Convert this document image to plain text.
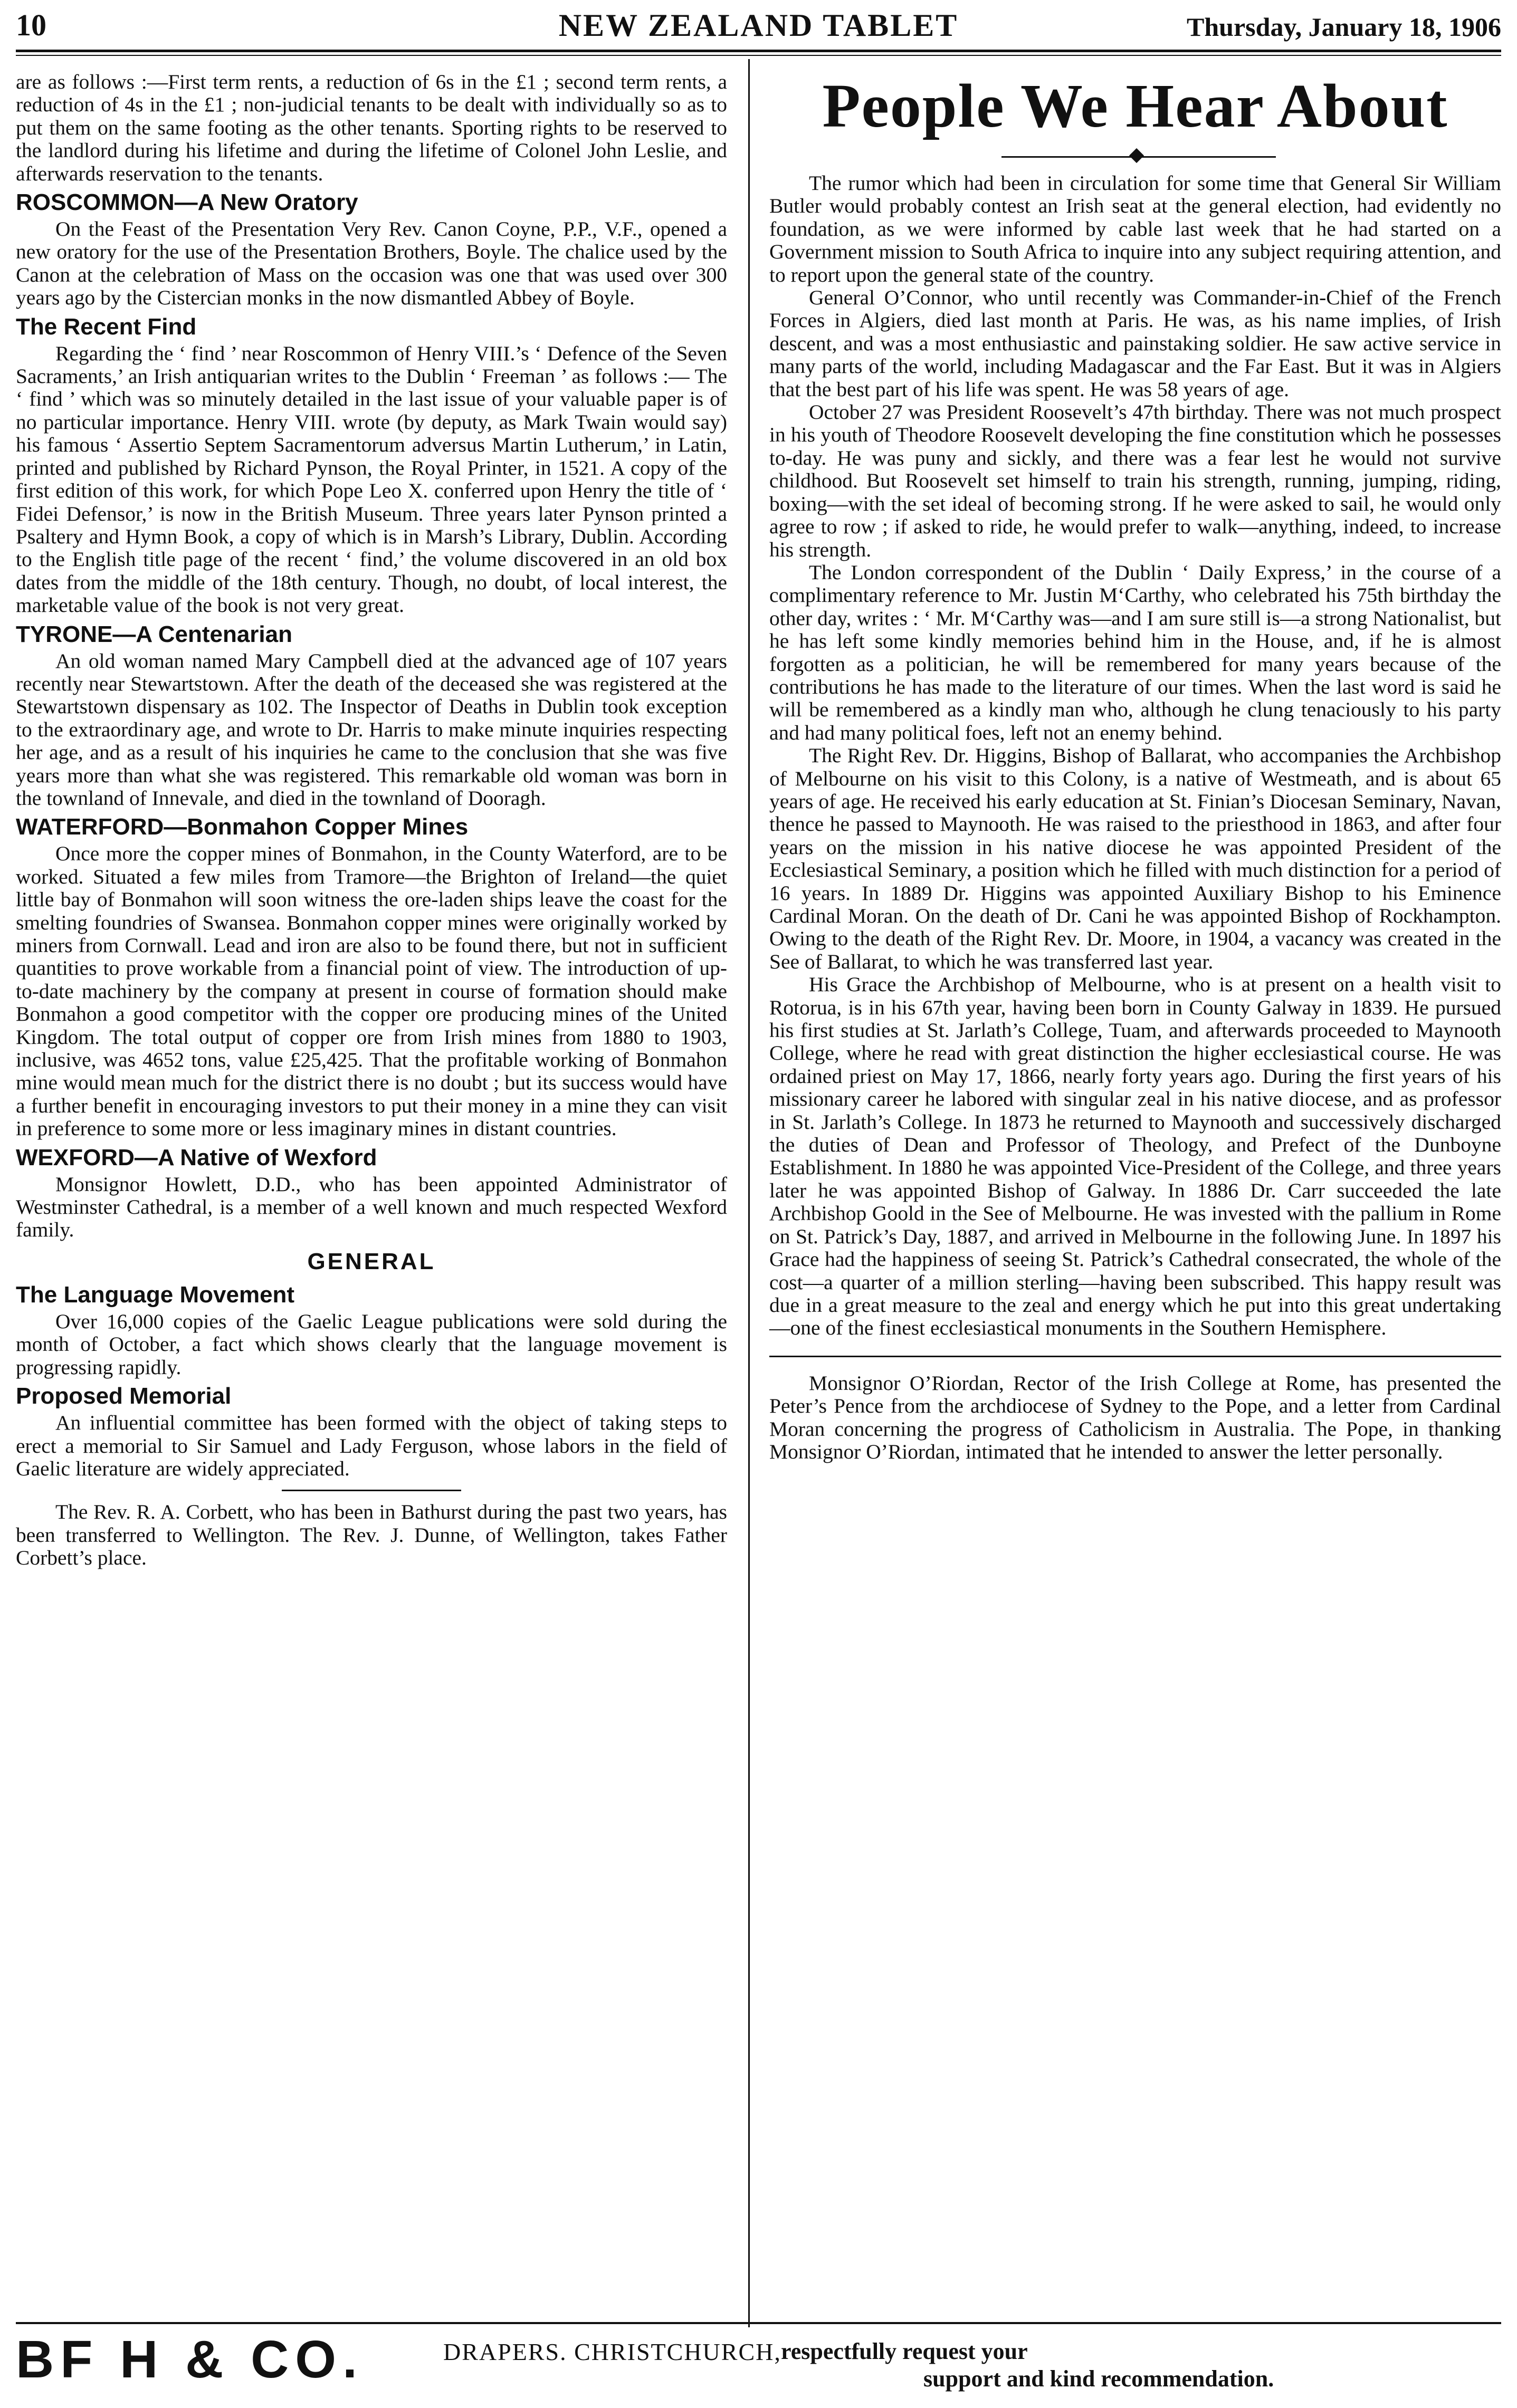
10	NEW ZEALAND TABLET	Thursday, January 18, 1906

are as follows :—First term rents, a reduction of 6s in the £1 ; second term rents, a reduction of 4s in the £1 ; non-judicial tenants to be dealt with individually so as to put them on the same footing as the other tenants. Sporting rights to be reserved to the landlord during his lifetime and during the lifetime of Colonel John Leslie, and afterwards reservation to the tenants.

ROSCOMMON—A New Oratory

On the Feast of the Presentation Very Rev. Canon Coyne, P.P., V.F., opened a new oratory for the use of the Presentation Brothers, Boyle. The chalice used by the Canon at the celebration of Mass on the occasion was one that was used over 300 years ago by the Cistercian monks in the now dismantled Abbey of Boyle.

The Recent Find

Regarding the ‘ find ’ near Roscommon of Henry VIII.’s ‘ Defence of the Seven Sacraments,’ an Irish antiquarian writes to the Dublin ‘ Freeman ’ as follows :— The ‘ find ’ which was so minutely detailed in the last issue of your valuable paper is of no particular importance. Henry VIII. wrote (by deputy, as Mark Twain would say) his famous ‘ Assertio Septem Sacramentorum adversus Martin Lutherum,’ in Latin, printed and published by Richard Pynson, the Royal Printer, in 1521. A copy of the first edition of this work, for which Pope Leo X. conferred upon Henry the title of ‘ Fidei Defensor,’ is now in the British Museum. Three years later Pynson printed a Psaltery and Hymn Book, a copy of which is in Marsh’s Library, Dublin. According to the English title page of the recent ‘ find,’ the volume discovered in an old box dates from the middle of the 18th century. Though, no doubt, of local interest, the marketable value of the book is not very great.

TYRONE—A Centenarian

An old woman named Mary Campbell died at the advanced age of 107 years recently near Stewartstown. After the death of the deceased she was registered at the Stewartstown dispensary as 102. The Inspector of Deaths in Dublin took exception to the extraordinary age, and wrote to Dr. Harris to make minute inquiries respecting her age, and as a result of his inquiries he came to the conclusion that she was five years more than what she was registered. This remarkable old woman was born in the townland of Innevale, and died in the townland of Dooragh.

WATERFORD—Bonmahon Copper Mines

Once more the copper mines of Bonmahon, in the County Waterford, are to be worked. Situated a few miles from Tramore—the Brighton of Ireland—the quiet little bay of Bonmahon will soon witness the ore-laden ships leave the coast for the smelting foundries of Swansea. Bonmahon copper mines were originally worked by miners from Cornwall. Lead and iron are also to be found there, but not in sufficient quantities to prove workable from a financial point of view. The introduction of up-to-date machinery by the company at present in course of formation should make Bonmahon a good competitor with the copper ore producing mines of the United Kingdom. The total output of copper ore from Irish mines from 1880 to 1903, inclusive, was 4652 tons, value £25,425. That the profitable working of Bonmahon mine would mean much for the district there is no doubt ; but its success would have a further benefit in encouraging investors to put their money in a mine they can visit in preference to some more or less imaginary mines in distant countries.

WEXFORD—A Native of Wexford

Monsignor Howlett, D.D., who has been appointed Administrator of Westminster Cathedral, is a member of a well known and much respected Wexford family.

GENERAL
The Language Movement

Over 16,000 copies of the Gaelic League publications were sold during the month of October, a fact which shows clearly that the language movement is progressing rapidly.

Proposed Memorial

An influential committee has been formed with the object of taking steps to erect a memorial to Sir Samuel and Lady Ferguson, whose labors in the field of Gaelic literature are widely appreciated.

The Rev. R. A. Corbett, who has been in Bathurst during the past two years, has been transferred to Wellington. The Rev. J. Dunne, of Wellington, takes Father Corbett’s place.

People We Hear About

The rumor which had been in circulation for some time that General Sir William Butler would probably contest an Irish seat at the general election, had evidently no foundation, as we were informed by cable last week that he had started on a Government mission to South Africa to inquire into any subject requiring attention, and to report upon the general state of the country.

General O’Connor, who until recently was Commander-in-Chief of the French Forces in Algiers, died last month at Paris. He was, as his name implies, of Irish descent, and was a most enthusiastic and painstaking soldier. He saw active service in many parts of the world, including Madagascar and the Far East. But it was in Algiers that the best part of his life was spent. He was 58 years of age.

October 27 was President Roosevelt’s 47th birthday. There was not much prospect in his youth of Theodore Roosevelt developing the fine constitution which he possesses to-day. He was puny and sickly, and there was a fear lest he would not survive childhood. But Roosevelt set himself to train his strength, running, jumping, riding, boxing—with the set ideal of becoming strong. If he were asked to sail, he would only agree to row ; if asked to ride, he would prefer to walk—anything, indeed, to increase his strength.

The London correspondent of the Dublin ‘ Daily Express,’ in the course of a complimentary reference to Mr. Justin M‘Carthy, who celebrated his 75th birthday the other day, writes : ‘ Mr. M‘Carthy was—and I am sure still is—a strong Nationalist, but he has left some kindly memories behind him in the House, and, if he is almost forgotten as a politician, he will be remembered for many years because of the contributions he has made to the literature of our times. When the last word is said he will be remembered as a kindly man who, although he clung tenaciously to his party and had many political foes, left not an enemy behind.

The Right Rev. Dr. Higgins, Bishop of Ballarat, who accompanies the Archbishop of Melbourne on his visit to this Colony, is a native of Westmeath, and is about 65 years of age. He received his early education at St. Finian’s Diocesan Seminary, Navan, thence he passed to Maynooth. He was raised to the priesthood in 1863, and after four years on the mission in his native diocese he was appointed President of the Ecclesiastical Seminary, a position which he filled with much distinction for a period of 16 years. In 1889 Dr. Higgins was appointed Auxiliary Bishop to his Eminence Cardinal Moran. On the death of Dr. Cani he was appointed Bishop of Rockhampton. Owing to the death of the Right Rev. Dr. Moore, in 1904, a vacancy was created in the See of Ballarat, to which he was transferred last year.

His Grace the Archbishop of Melbourne, who is at present on a health visit to Rotorua, is in his 67th year, having been born in County Galway in 1839. He pursued his first studies at St. Jarlath’s College, Tuam, and afterwards proceeded to Maynooth College, where he read with great distinction the higher ecclesiastical course. He was ordained priest on May 17, 1866, nearly forty years ago. During the first years of his missionary career he labored with singular zeal in his native diocese, and as professor in St. Jarlath’s College. In 1873 he returned to Maynooth and successively discharged the duties of Dean and Professor of Theology, and Prefect of the Dunboyne Establishment. In 1880 he was appointed Vice-President of the College, and three years later he was appointed Bishop of Galway. In 1886 Dr. Carr succeeded the late Archbishop Goold in the See of Melbourne. He was invested with the pallium in Rome on St. Patrick’s Day, 1887, and arrived in Melbourne in the following June. In 1897 his Grace had the happiness of seeing St. Patrick’s Cathedral consecrated, the whole of the cost—a quarter of a million sterling—having been subscribed. This happy result was due in a great measure to the zeal and energy which he put into this great undertaking—one of the finest ecclesiastical monuments in the Southern Hemisphere.

Monsignor O’Riordan, Rector of the Irish College at Rome, has presented the Peter’s Pence from the archdiocese of Sydney to the Pope, and a letter from Cardinal Moran concerning the progress of Catholicism in Australia. The Pope, in thanking Monsignor O’Riordan, intimated that he intended to answer the letter personally.

BF H & CO.	DRAPERS. CHRISTCHURCH, respectfully request your
support and kind recommendation.
